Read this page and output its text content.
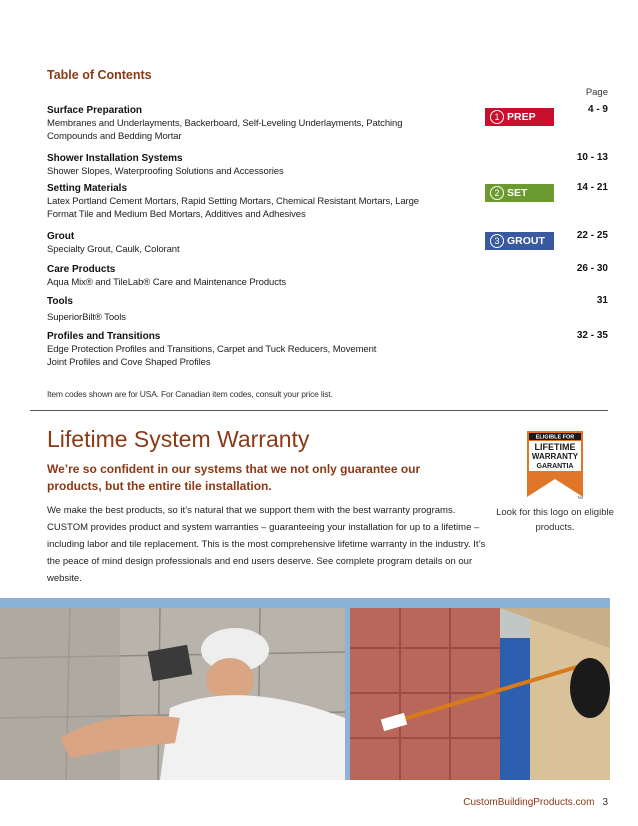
Table of Contents
Page
Surface Preparation
Membranes and Underlayments, Backerboard, Self-Leveling Underlayments, Patching Compounds and Bedding Mortar
4 - 9
Shower Installation Systems
Shower Slopes, Waterproofing Solutions and Accessories
10 - 13
Setting Materials
Latex Portland Cement Mortars, Rapid Setting Mortars, Chemical Resistant Mortars, Large Format Tile and Medium Bed Mortars, Additives and Adhesives
14 - 21
Grout
Specialty Grout, Caulk, Colorant
22 - 25
Care Products
Aqua Mix® and TileLab® Care and Maintenance Products
26 - 30
Tools
SuperiorBilt® Tools
31
Profiles and Transitions
Edge Protection Profiles and Transitions, Carpet and Tuck Reducers, Movement Joint Profiles and Cove Shaped Profiles
32 - 35
1 PREP
2 SET
3 GROUT
Item codes shown are for USA. For Canadian item codes, consult your price list.
Lifetime System Warranty
We’re so confident in our systems that we not only guarantee our products, but the entire tile installation.
We make the best products, so it’s natural that we support them with the best warranty programs. CUSTOM provides product and system warranties – guaranteeing your installation for up to a lifetime – including labor and tile replacement. This is the most comprehensive lifetime warranty in the industry. It’s the peace of mind design professionals and end users deserve. See complete program details on our website.
ELIGIBLE FOR
LIFETIME
WARRANTY
GARANTIA
TM
Look for this logo on eligible products.
CustomBuildingProducts.com 3
